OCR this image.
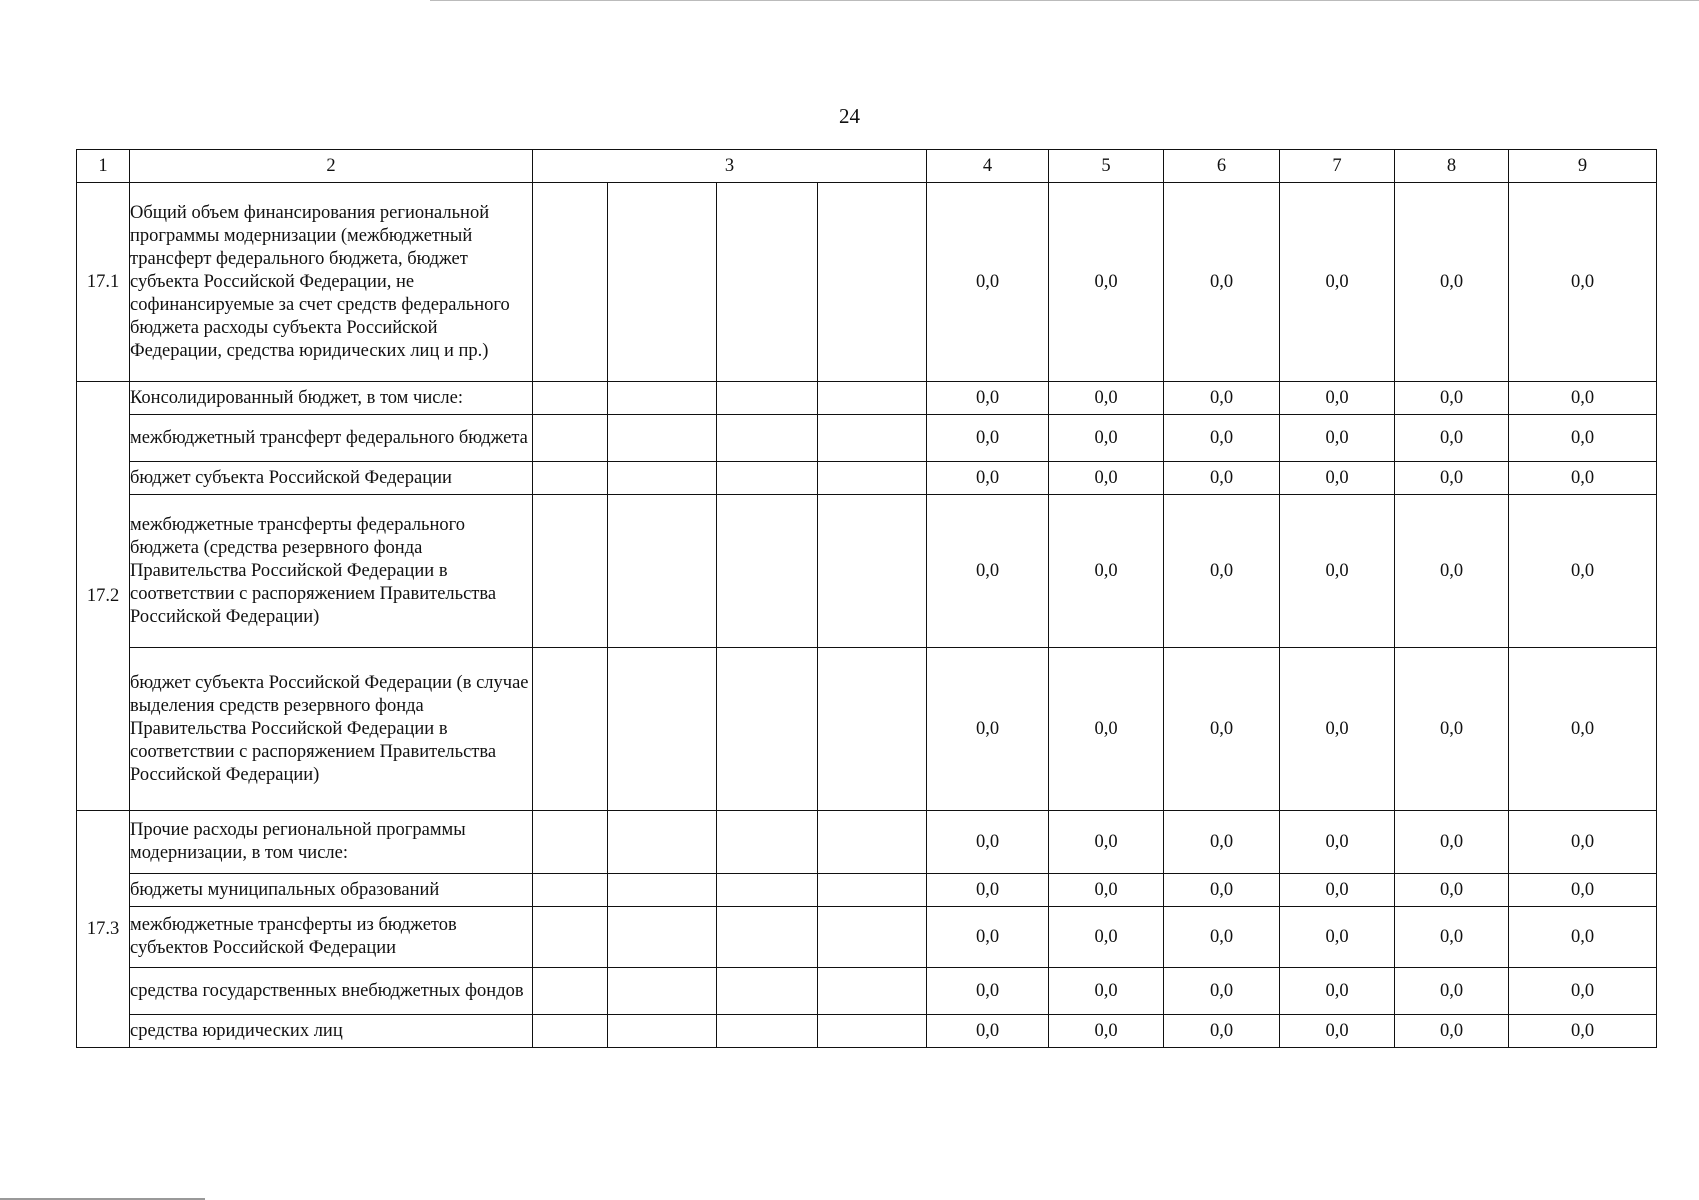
24
1	2	3				4	5	6	7	8	9
17.1	Общий объем финансирования региональной программы модернизации (межбюджетный трансферт федерального бюджета, бюджет субъекта Российской Федерации, не софинансируемые за счет средств федерального бюджета расходы субъекта Российской Федерации, средства юридических лиц и пр.)					0,0	0,0	0,0	0,0	0,0	0,0
17.2	Консолидированный бюджет, в том числе:					0,0	0,0	0,0	0,0	0,0	0,0
	межбюджетный трансферт федерального бюджета					0,0	0,0	0,0	0,0	0,0	0,0
	бюджет субъекта Российской Федерации					0,0	0,0	0,0	0,0	0,0	0,0
	межбюджетные трансферты федерального бюджета (средства резервного фонда Правительства Российской Федерации в соответствии с распоряжением Правительства Российской Федерации)					0,0	0,0	0,0	0,0	0,0	0,0
	бюджет субъекта Российской Федерации (в случае выделения средств резервного фонда Правительства Российской Федерации в соответствии с распоряжением Правительства Российской Федерации)					0,0	0,0	0,0	0,0	0,0	0,0
17.3	Прочие расходы региональной программы модернизации, в том числе:					0,0	0,0	0,0	0,0	0,0	0,0
	бюджеты муниципальных образований					0,0	0,0	0,0	0,0	0,0	0,0
	межбюджетные трансферты из бюджетов субъектов Российской Федерации					0,0	0,0	0,0	0,0	0,0	0,0
	средства государственных внебюджетных фондов					0,0	0,0	0,0	0,0	0,0	0,0
	средства юридических лиц					0,0	0,0	0,0	0,0	0,0	0,0
